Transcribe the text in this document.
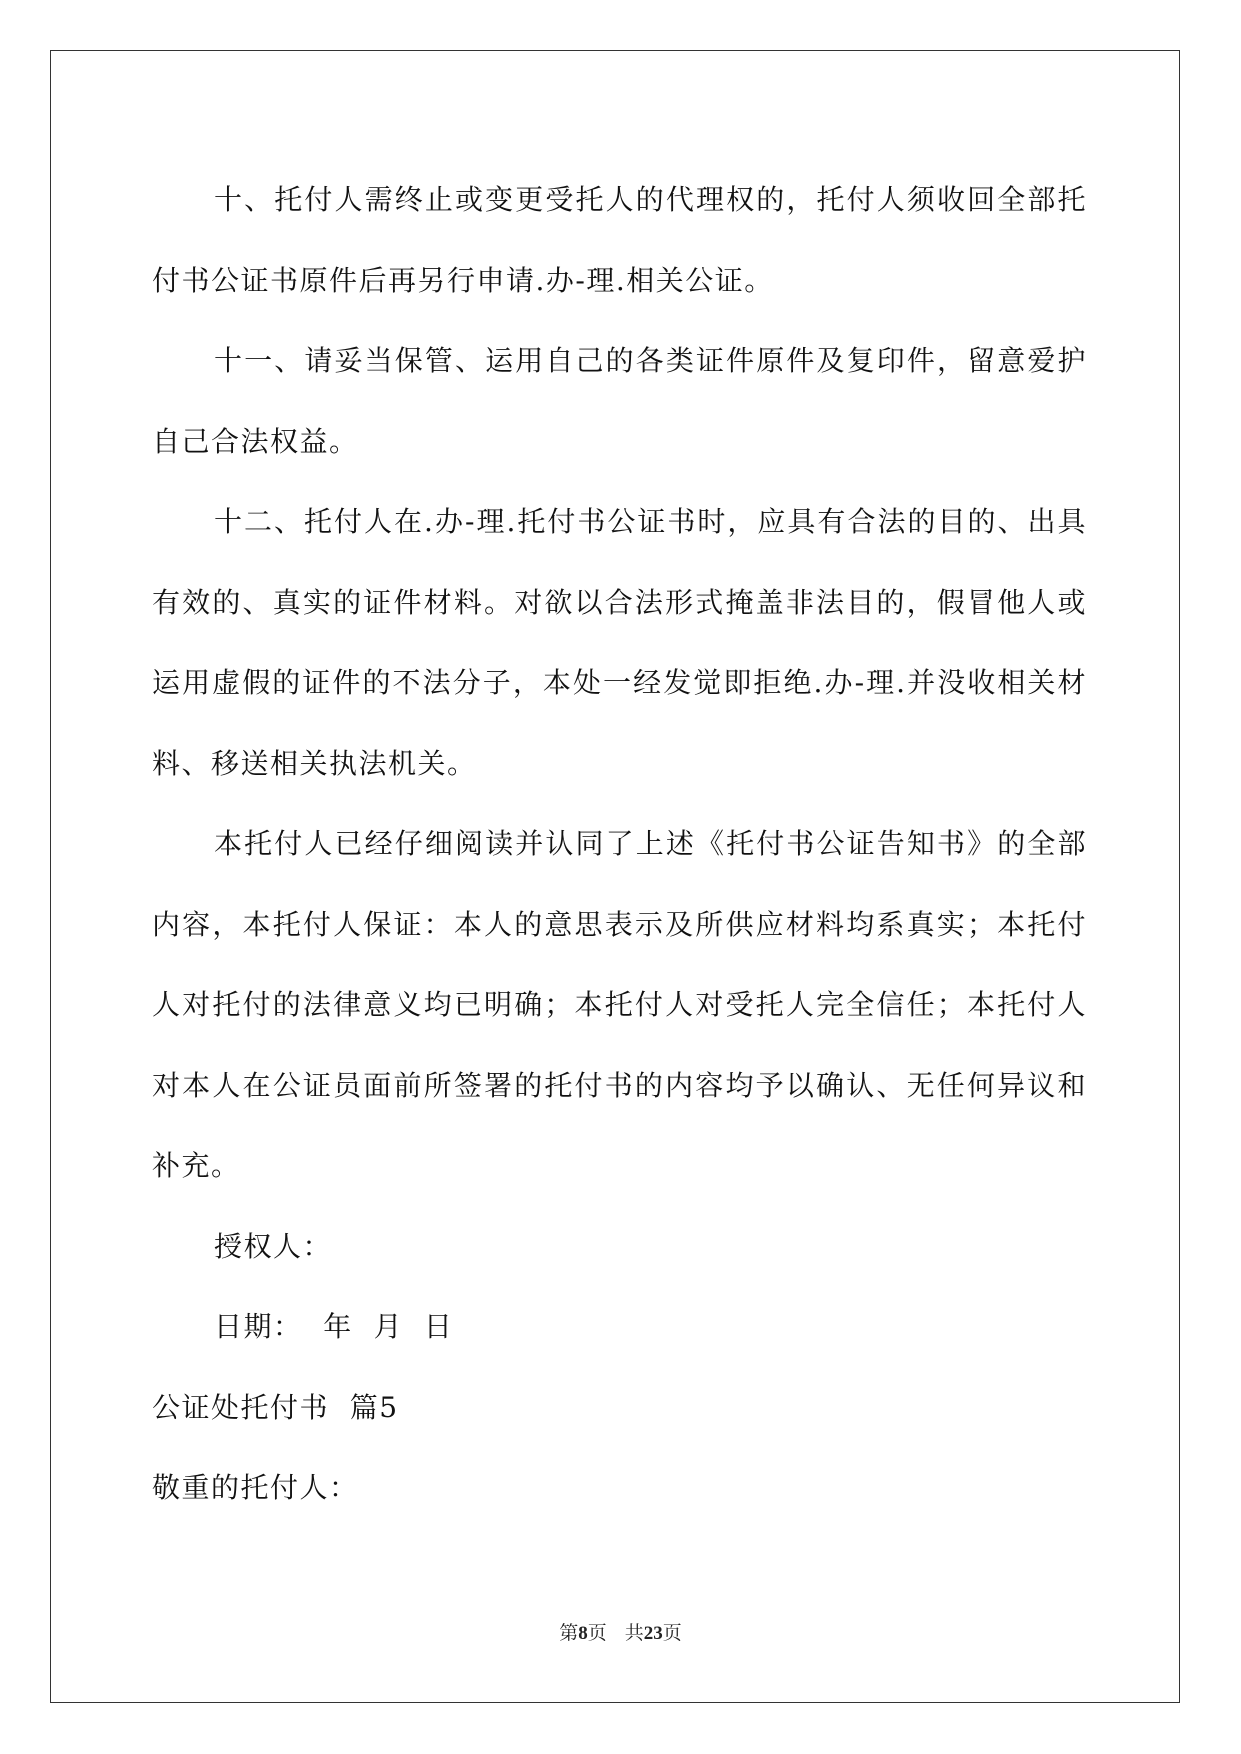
十、托付人需终止或变更受托人的代理权的，托付人须收回全部托付书公证书原件后再另行申请.办-理.相关公证。

十一、请妥当保管、运用自己的各类证件原件及复印件，留意爱护自己合法权益。

十二、托付人在.办-理.托付书公证书时，应具有合法的目的、出具有效的、真实的证件材料。对欲以合法形式掩盖非法目的，假冒他人或运用虚假的证件的不法分子，本处一经发觉即拒绝.办-理.并没收相关材料、移送相关执法机关。

本托付人已经仔细阅读并认同了上述《托付书公证告知书》的全部内容，本托付人保证：本人的意思表示及所供应材料均系真实；本托付人对托付的法律意义均已明确；本托付人对受托人完全信任；本托付人对本人在公证员面前所签署的托付书的内容均予以确认、无任何异议和补充。

授权人：

日期：  年  月  日

公证处托付书  篇5

敬重的托付人：

第8页 共23页
